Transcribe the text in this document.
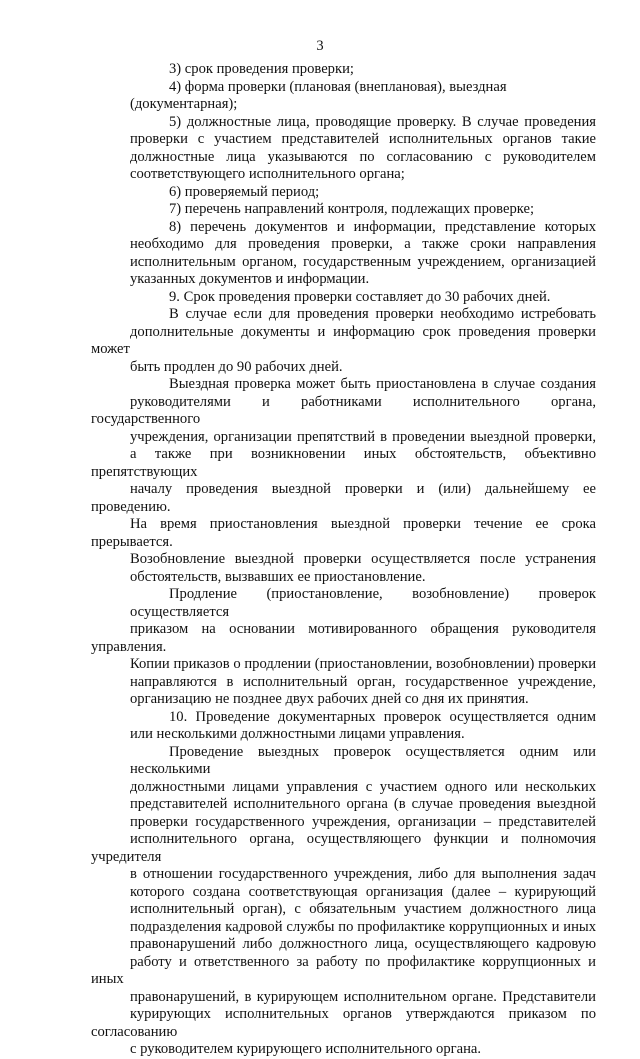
3
3) срок проведения проверки;
4) форма проверки (плановая (внеплановая), выездная (документарная);
5) должностные лица, проводящие проверку. В случае проведения
проверки с участием представителей исполнительных органов такие
должностные лица указываются по согласованию с руководителем
соответствующего исполнительного органа;
6) проверяемый период;
7) перечень направлений контроля, подлежащих проверке;
8) перечень документов и информации, представление которых
необходимо для проведения проверки, а также сроки направления
исполнительным органом, государственным учреждением, организацией
указанных документов и информации.
9. Срок проведения проверки составляет до 30 рабочих дней.
В случае если для проведения проверки необходимо истребовать
дополнительные документы и информацию срок проведения проверки может
быть продлен до 90 рабочих дней.
Выездная проверка может быть приостановлена в случае создания
руководителями и работниками исполнительного органа, государственного
учреждения, организации препятствий в проведении выездной проверки,
а также при возникновении иных обстоятельств, объективно препятствующих
началу проведения выездной проверки и (или) дальнейшему ее проведению.
На время приостановления выездной проверки течение ее срока прерывается.
Возобновление выездной проверки осуществляется после устранения
обстоятельств, вызвавших ее приостановление.
Продление (приостановление, возобновление) проверок осуществляется
приказом на основании мотивированного обращения руководителя управления.
Копии приказов о продлении (приостановлении, возобновлении) проверки
направляются в исполнительный орган, государственное учреждение,
организацию не позднее двух рабочих дней со дня их принятия.
10. Проведение документарных проверок осуществляется одним
или несколькими должностными лицами управления.
Проведение выездных проверок осуществляется одним или несколькими
должностными лицами управления с участием одного или нескольких
представителей исполнительного органа (в случае проведения выездной
проверки государственного учреждения, организации – представителей
исполнительного органа, осуществляющего функции и полномочия учредителя
в отношении государственного учреждения, либо для выполнения задач
которого создана соответствующая организация (далее – курирующий
исполнительный орган), с обязательным участием должностного лица
подразделения кадровой службы по профилактике коррупционных и иных
правонарушений либо должностного лица, осуществляющего кадровую
работу и ответственного за работу по профилактике коррупционных и иных
правонарушений, в курирующем исполнительном органе. Представители
курирующих исполнительных органов утверждаются приказом по согласованию
с руководителем курирующего исполнительного органа.
